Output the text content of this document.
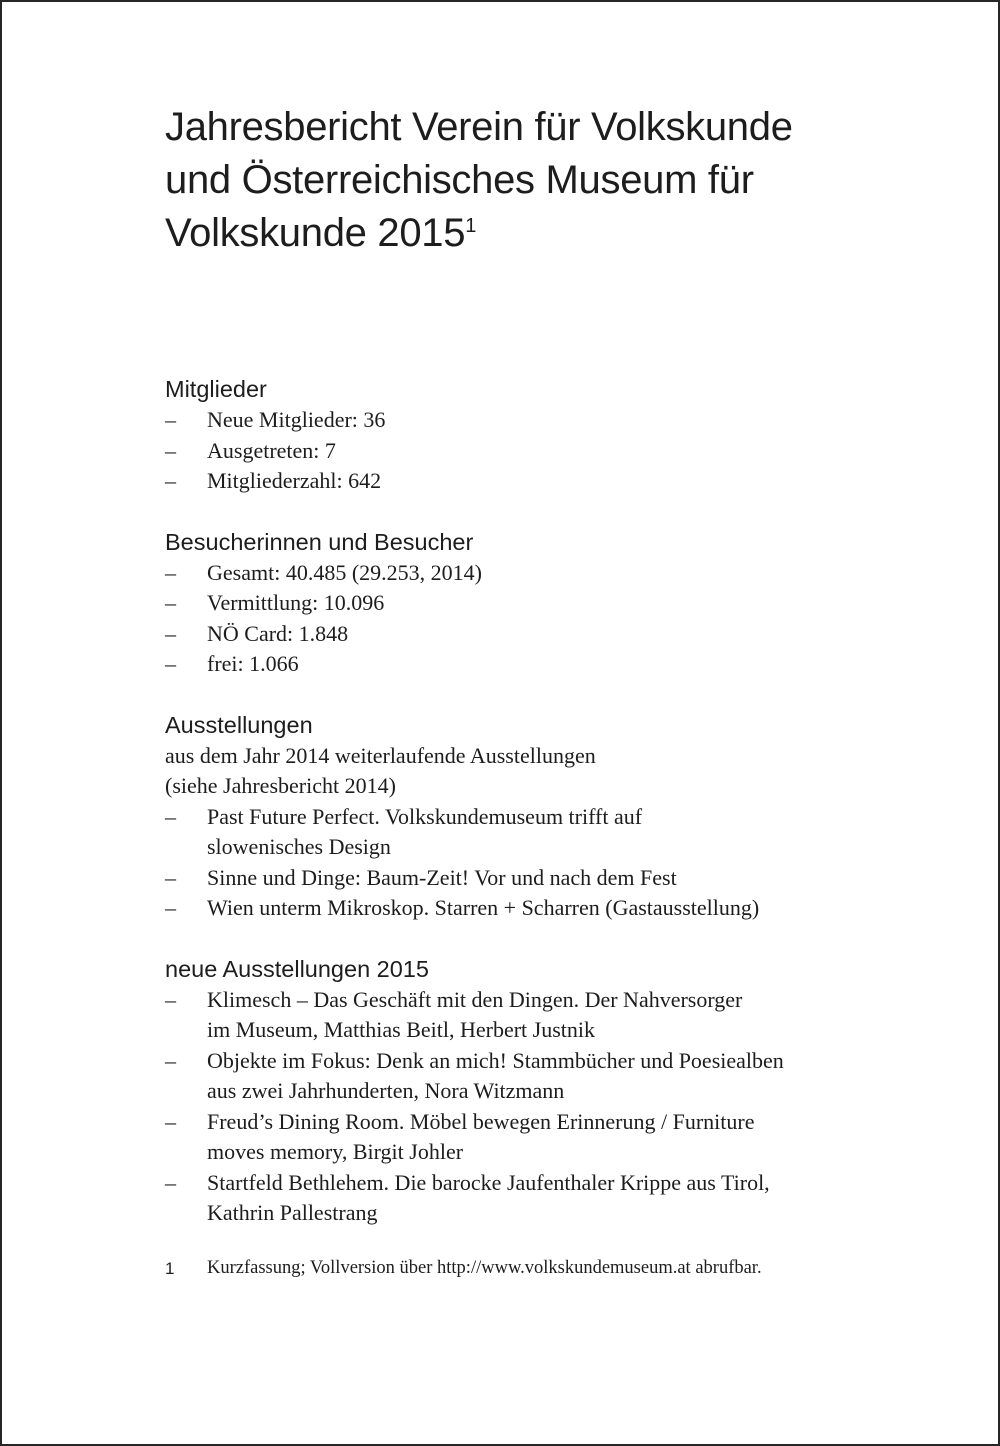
Jahresbericht Verein für Volkskunde
und Österreichisches Museum für
Volkskunde 2015$^1$
Mitglieder
–	Neue Mitglieder: 36
–	Ausgetreten: 7
–	Mitgliederzahl: 642
Besucherinnen und Besucher
–	Gesamt: 40.485 (29.253, 2014)
–	Vermittlung: 10.096
–	NÖ Card: 1.848
–	frei: 1.066
Ausstellungen
aus dem Jahr 2014 weiterlaufende Ausstellungen
(siehe Jahresbericht 2014)
–	Past Future Perfect. Volkskundemuseum trifft auf
slowenisches Design
–	Sinne und Dinge: Baum-Zeit! Vor und nach dem Fest
–	Wien unterm Mikroskop. Starren + Scharren (Gastausstellung)
neue Ausstellungen 2015
–	Klimesch – Das Geschäft mit den Dingen. Der Nahversorger
im Museum, Matthias Beitl, Herbert Justnik
–	Objekte im Fokus: Denk an mich! Stammbücher und Poesiealben
aus zwei Jahrhunderten, Nora Witzmann
–	Freud’s Dining Room. Möbel bewegen Erinnerung / Furniture
moves memory, Birgit Johler
–	Startfeld Bethlehem. Die barocke Jaufenthaler Krippe aus Tirol,
Kathrin Pallestrang
1	Kurzfassung; Vollversion über http://www.volkskundemuseum.at abrufbar.
